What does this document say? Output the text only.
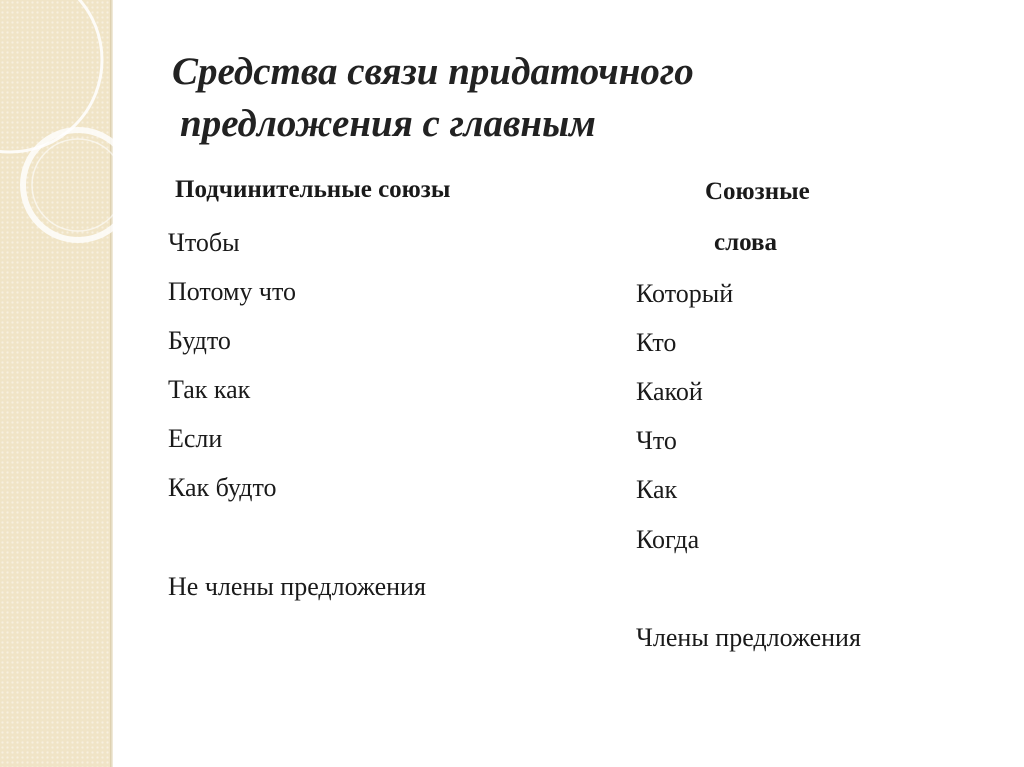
Средства связи придаточного
предложения с главным
Подчинительные союзы
Чтобы
Потому что
Будто
Так как
Если
Как будто
Не члены предложения
Союзные
слова
Который
Кто
Какой
Что
Как
Когда
Члены предложения
